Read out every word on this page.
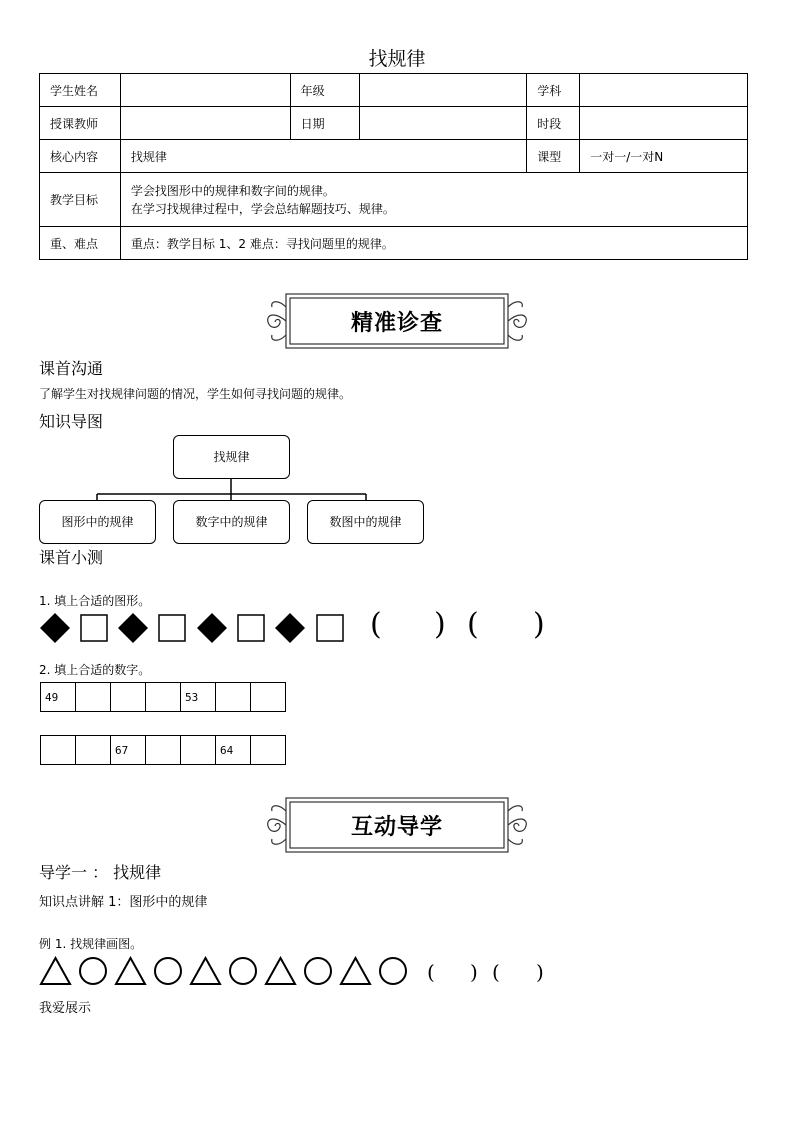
找规律
学生姓名		年级		学科	
授课教师		日期		时段	
核心内容	找规律			课型	一对一/一对N
教学目标	学会找图形中的规律和数字间的规律。
在学习找规律过程中，学会总结解题技巧、规律。				

重、难点	重点：教学目标 1、2 难点：寻找问题里的规律。				
精准诊查
课首沟通
了解学生对找规律问题的情况，学生如何寻找问题的规律。
知识导图
找规律
图形中的规律	数字中的规律	数图中的规律
课首小测
1. 填上合适的图形。
( ) ( )
2. 填上合适的数字。
49				53		
		67			64	
互动导学
导学一 ： 找规律
知识点讲解 1：图形中的规律
例 1. 找规律画图。
( ) ( )
我爱展示
